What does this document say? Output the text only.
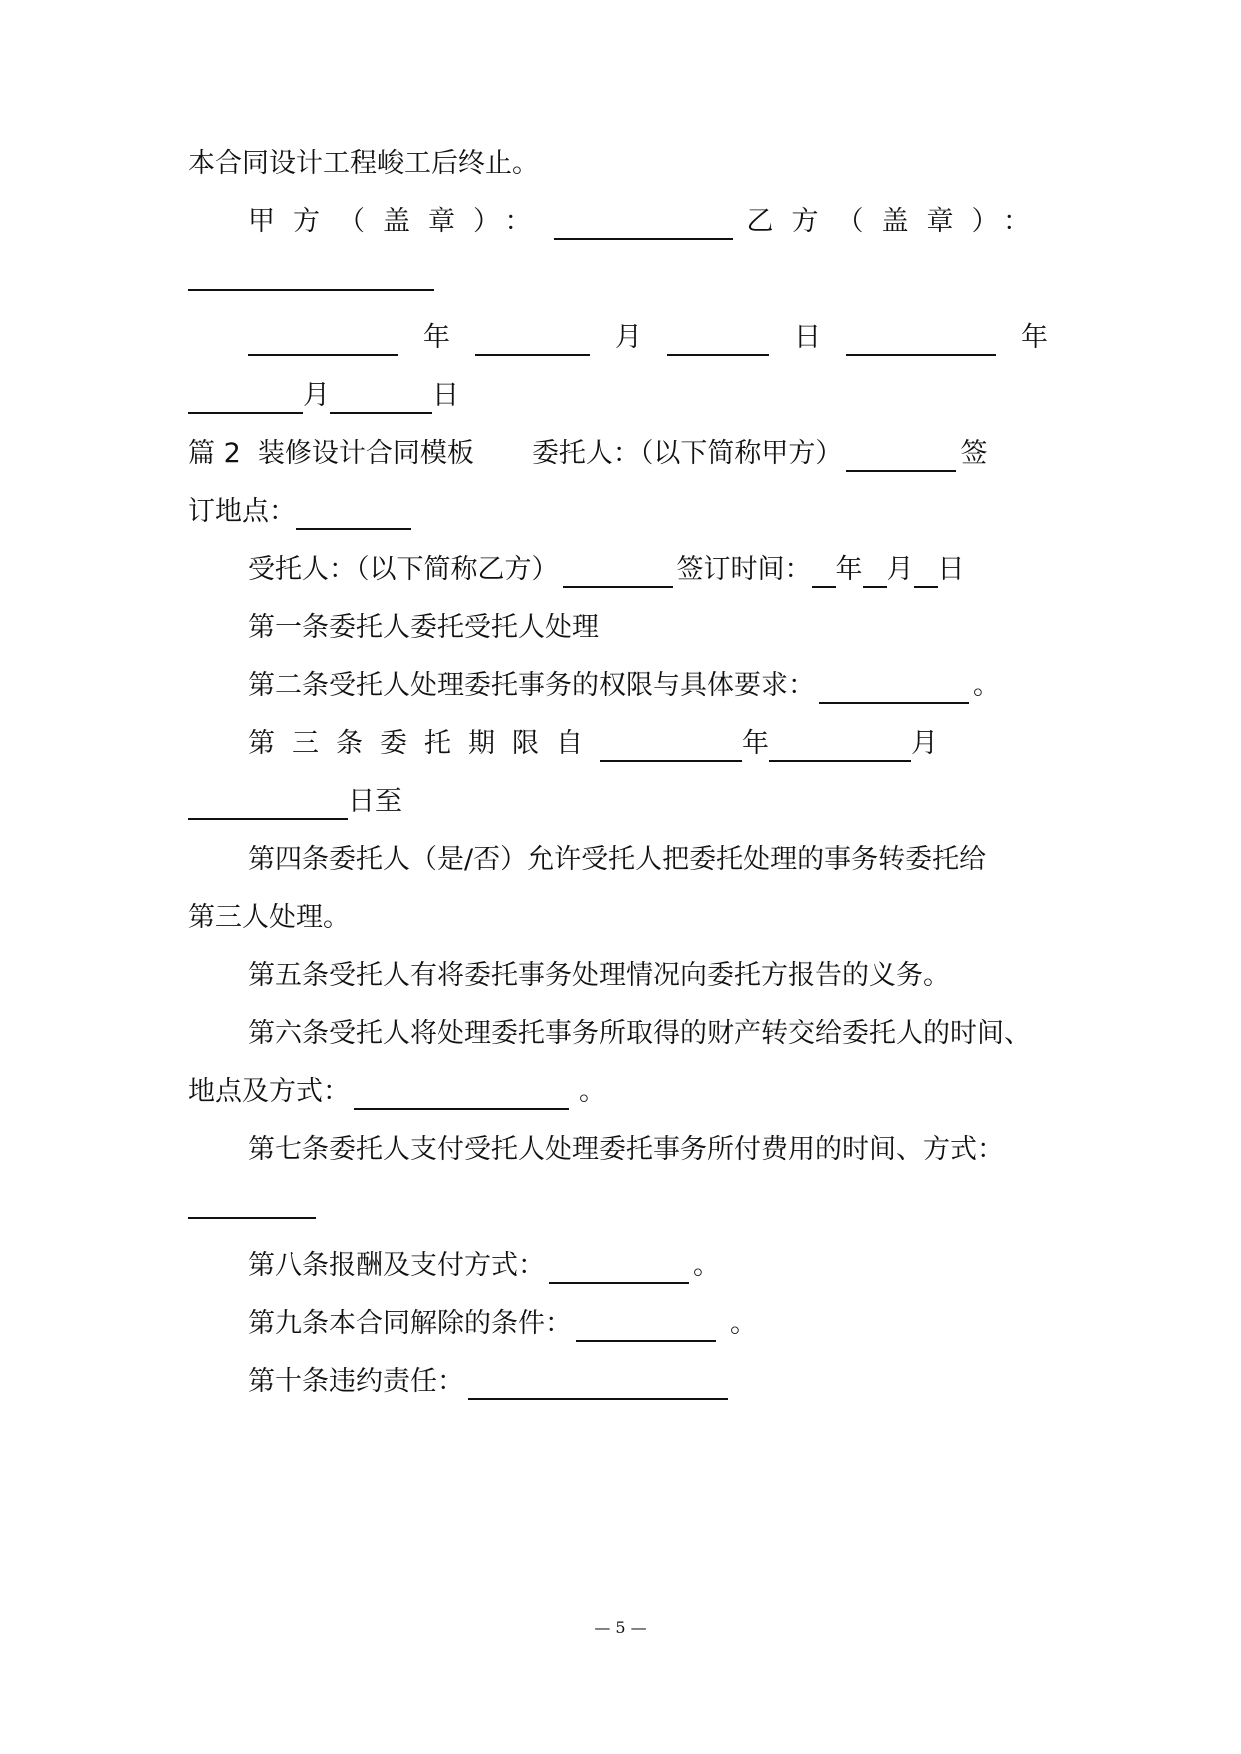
本合同设计工程峻工后终止。
甲方（盖章）：	乙方（盖章）：
年	月	日	年
月	日
篇 2  装修设计合同模板 委托人：（以下简称甲方）	签
订地点：
受托人：（以下简称乙方）	签订时间： 年 月 日
第一条委托人委托受托人处理
第二条受托人处理委托事务的权限与具体要求：	。
第三条委托期限自	年	月
日至
第四条委托人（是/否）允许受托人把委托处理的事务转委托给
第三人处理。
第五条受托人有将委托事务处理情况向委托方报告的义务。
第六条受托人将处理委托事务所取得的财产转交给委托人的时间、
地点及方式：	。
第七条委托人支付受托人处理委托事务所付费用的时间、方式：
第八条报酬及支付方式：	。
第九条本合同解除的条件：	。
第十条违约责任：
— 5 —
